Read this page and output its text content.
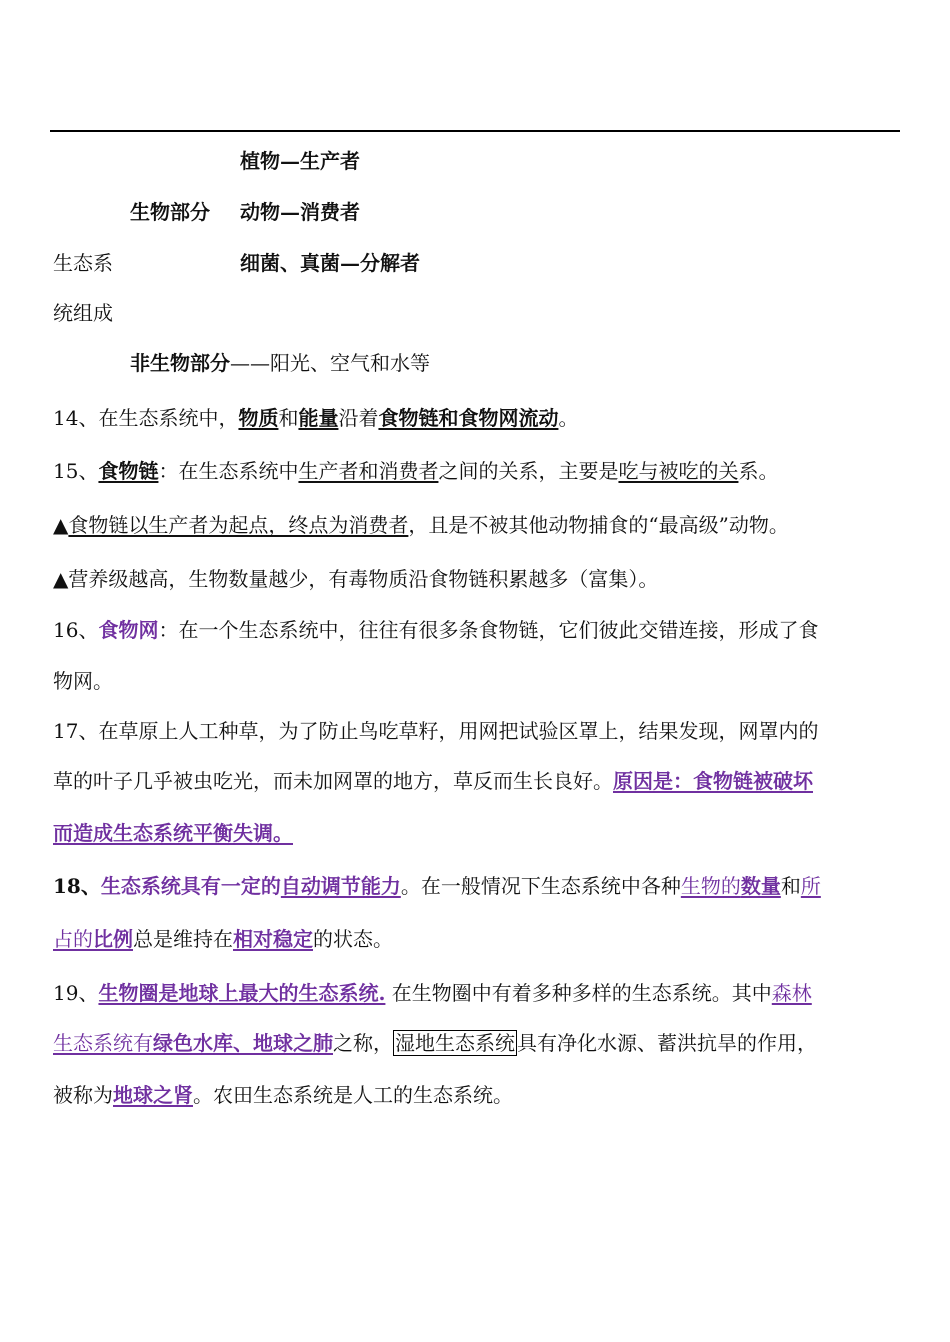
植物—生产者
生物部分 动物—消费者
生态系	细菌、真菌—分解者
统组成
非生物部分——阳光、空气和水等
14、在生态系统中，物质和能量沿着食物链和食物网流动。
15、食物链：在生态系统中生产者和消费者之间的关系，主要是吃与被吃的关系。
▲食物链以生产者为起点，终点为消费者，且是不被其他动物捕食的“最高级”动物。
▲营养级越高，生物数量越少，有毒物质沿食物链积累越多（富集）。
16、食物网：在一个生态系统中，往往有很多条食物链，它们彼此交错连接，形成了食
物网。
17、在草原上人工种草，为了防止鸟吃草籽，用网把试验区罩上，结果发现，网罩内的
草的叶子几乎被虫吃光，而未加网罩的地方，草反而生长良好。原因是：食物链被破坏
而造成生态系统平衡失调。
18、生态系统具有一定的自动调节能力。在一般情况下生态系统中各种生物的数量和所
占的比例总是维持在相对稳定的状态。
19、生物圈是地球上最大的生态系统. 在生物圈中有着多种多样的生态系统。其中森林
生态系统有绿色水库、地球之肺之称， 湿地生态系统 具有净化水源、蓄洪抗旱的作用，
被称为地球之肾。农田生态系统是人工的生态系统。
